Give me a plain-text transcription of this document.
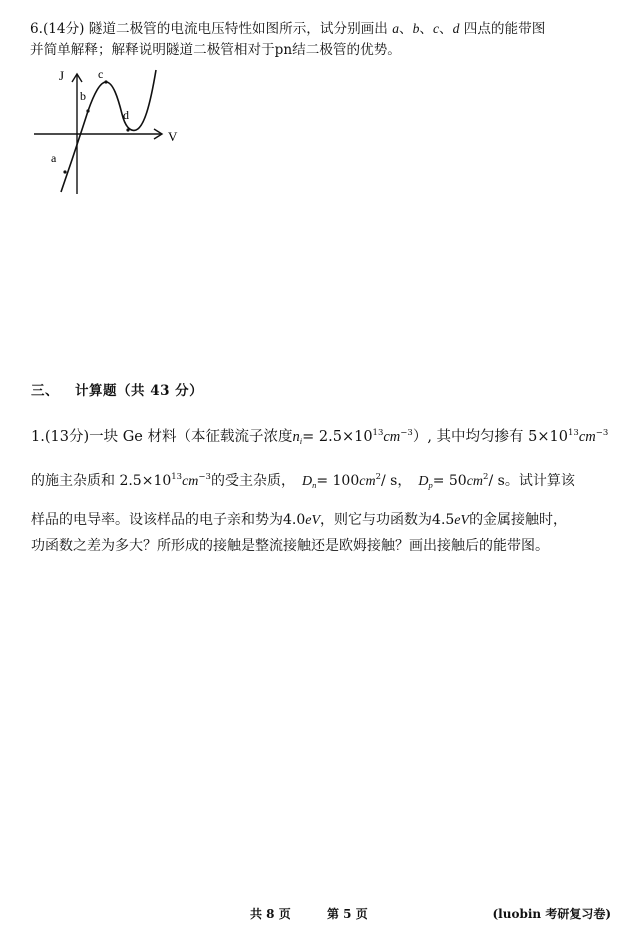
6.(14分) 隧道二极管的电流电压特性如图所示，试分别画出 a、b、c、d 四点的能带图
并简单解释；解释说明隧道二极管相对于pn结二极管的优势。
J
V
a
b
c
d
三、 计算题（共 43 分）
1.(13分)一块 Ge 材料（本征载流子浓度$n_i= 2.5\times 10^{13}cm^{-3}$）, 其中均匀掺有 $5\times 10^{13}cm^{-3}$
的施主杂质和 $2.5\times 10^{13}cm^{-3}$的受主杂质，  $D_n= 100cm^2/$ s，  $D_p= 50cm^2/$ s。试计算该
样品的电导率。设该样品的电子亲和势为4.0eV，则它与功函数为4.5eV的金属接触时，
功函数之差为多大？所形成的接触是整流接触还是欧姆接触？画出接触后的能带图。
共 8 页	第 5 页	(luobin 考研复习卷)
